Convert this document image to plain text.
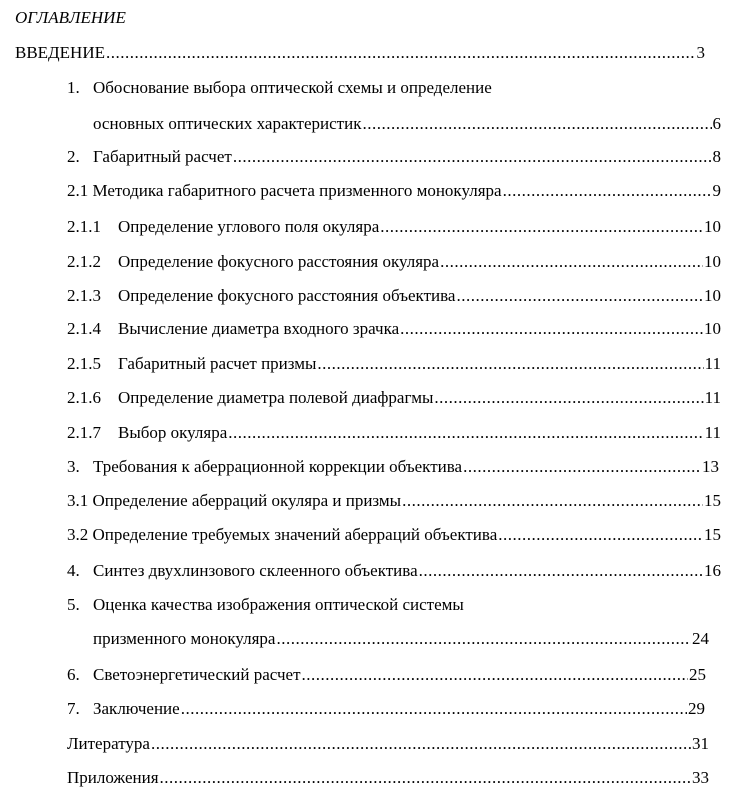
ОГЛАВЛЕНИЕ
ВВЕДЕНИЕ .....	3
1. Обоснование выбора оптической схемы и определение
основных оптических характеристик .....	6
2. Габаритный расчет .....	8
2.1 Методика габаритного расчета призменного монокуляра .....	9
2.1.1	Определение углового поля окуляра .....	10
2.1.2	Определение фокусного расстояния окуляра .....	10
2.1.3	Определение фокусного расстояния объектива .....	10
2.1.4	Вычисление диаметра входного зрачка .....	10
2.1.5	Габаритный расчет призмы .....	11
2.1.6	Определение диаметра полевой диафрагмы .....	11
2.1.7	Выбор окуляра .....	11
3. Требования к аберрационной коррекции объектива .....	13
3.1 Определение аберраций окуляра и призмы .....	15
3.2 Определение требуемых значений аберраций объектива .....	15
4. Синтез двухлинзового склеенного объектива .....	16
5. Оценка качества изображения оптической системы
призменного монокуляра .....	24
6. Светоэнергетический расчет .....	25
7. Заключение .....	29
Литература .....	31
Приложения .....	33
